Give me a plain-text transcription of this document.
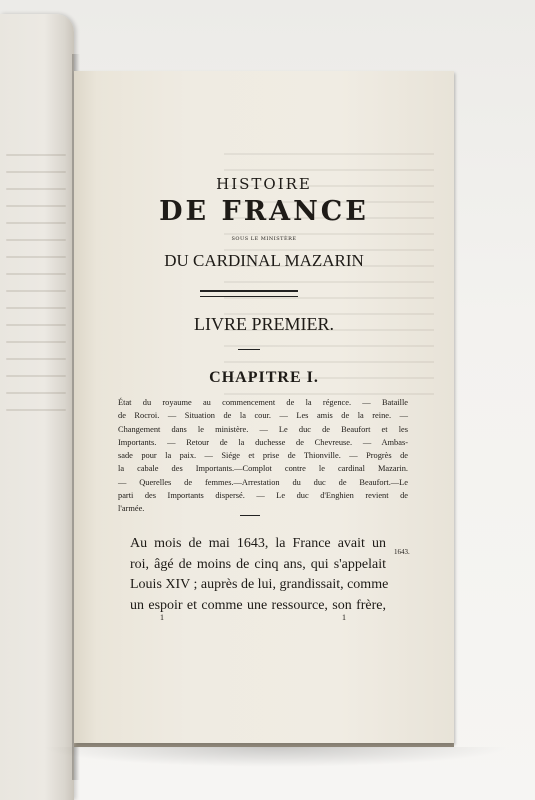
HISTOIRE
DE FRANCE
SOUS LE MINISTÈRE
DU CARDINAL MAZARIN
LIVRE PREMIER.
CHAPITRE I.
État du royaume au commencement de la régence. — Bataille
de Rocroi. — Situation de la cour. — Les amis de la reine. —
Changement dans le ministère. — Le duc de Beaufort et les
Importants. — Retour de la duchesse de Chevreuse. — Ambas-
sade pour la paix. — Siége et prise de Thionville. — Progrès de
la cabale des Importants.—Complot contre le cardinal Mazarin.
— Querelles de femmes.—Arrestation du duc de Beaufort.—Le
parti des Importants dispersé. — Le duc d'Enghien revient de
l'armée.
Au mois de mai 1643, la France avait un
roi, âgé de moins de cinq ans, qui s'appelait
Louis XIV ; auprès de lui, grandissait, comme
un espoir et comme une ressource, son frère,
1643.
1	1
